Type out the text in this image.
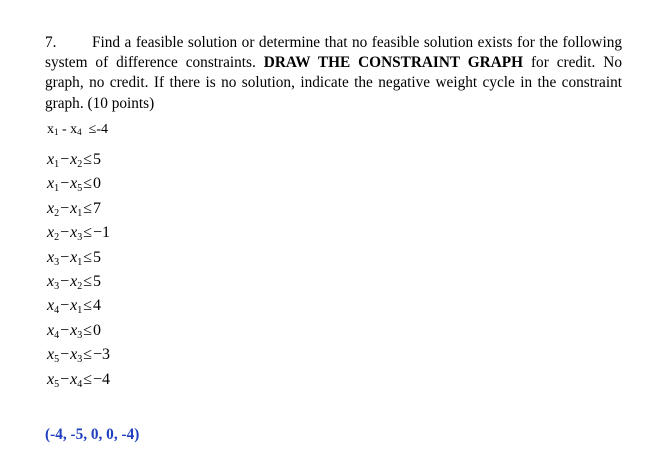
7. Find a feasible solution or determine that no feasible solution exists for the following system of difference constraints. DRAW THE CONSTRAINT GRAPH for credit. No graph, no credit. If there is no solution, indicate the negative weight cycle in the constraint graph. (10 points)
$x_1 - x_4 \le-4$
$x_1-x_2\le 5$
$x_1-x_5\le 0$
$x_2-x_1\le 7$
$x_2-x_3\le-1$
$x_3-x_1\le 5$
$x_3-x_2\le 5$
$x_4-x_1\le 4$
$x_4-x_3\le 0$
$x_5-x_3\le-3$
$x_5-x_4\le-4$
(-4, -5, 0, 0, -4)
